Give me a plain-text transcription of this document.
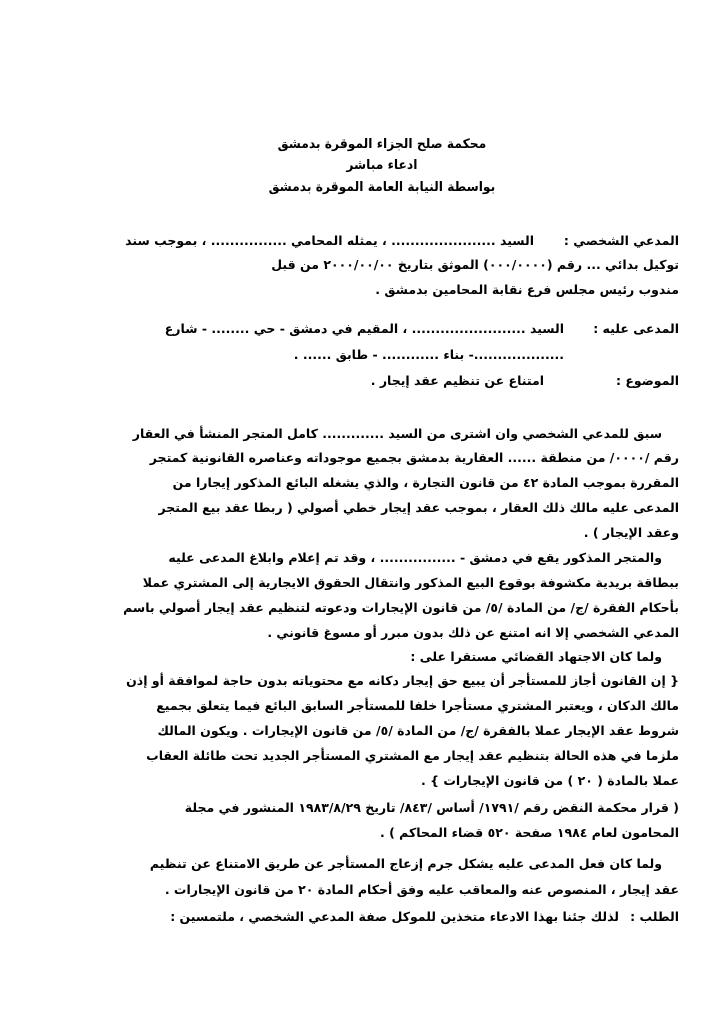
محكمة صلح الجزاء الموقرة بدمشق
ادعاء مباشر
بواسطة النيابة العامة الموقرة بدمشق
المدعي الشخصي :
السيد ...................... ، يمثله المحامي ................ ، بموجب سند
توكيل بدائي ... رقم (٠٠٠/٠٠٠٠) الموثق بتاريخ ٢٠٠٠/٠٠/٠٠ من قبل
مندوب رئيس مجلس فرع نقابة المحامين بدمشق .
المدعى عليه :
السيد ........................ ، المقيم في دمشق - حي ........ - شارع
...................- بناء ............ - طابق ...... .
الموضوع :
امتناع عن تنظيم عقد إيجار .
سبق للمدعي الشخصي وان اشترى من السيد ............. كامل المتجر المنشأ في العقار
رقم /٠٠٠٠/ من منطقة ...... العقارية بدمشق بجميع موجوداته وعناصره القانونية كمتجر
المقررة بموجب المادة ٤٢ من قانون التجارة ، والذي يشغله البائع المذكور إيجارا من
المدعى عليه مالك ذلك العقار ، بموجب عقد إيجار خطي أصولي ( ربطا عقد بيع المتجر
وعقد الإيجار ) .
والمتجر المذكور يقع في دمشق - ................ ، وقد تم إعلام وابلاغ المدعى عليه
ببطاقة بريدية مكشوفة بوقوع البيع المذكور وانتقال الحقوق الايجارية إلى المشتري عملا
بأحكام الفقرة /ج/ من المادة /٥/ من قانون الإيجارات ودعوته لتنظيم عقد إيجار أصولي باسم
المدعي الشخصي إلا انه امتنع عن ذلك بدون مبرر أو مسوغ قانوني .
ولما كان الاجتهاد القضائي مستقرا على :
{ إن القانون أجاز للمستأجر أن يبيع حق إيجار دكانه مع محتوياته بدون حاجة لموافقة أو إذن
مالك الدكان ، ويعتبر المشتري مستأجرا خلفا للمستأجر السابق البائع فيما يتعلق بجميع
شروط عقد الإيجار عملا بالفقرة /ج/ من المادة /٥/ من قانون الإيجارات . ويكون المالك
ملزما في هذه الحالة بتنظيم عقد إيجار مع المشتري المستأجر الجديد تحت طائلة العقاب
عملا بالمادة ( ٢٠ ) من قانون الإيجارات } .
( قرار محكمة النقض رقم /١٧٩١/ أساس /٨٤٣/ تاريخ ١٩٨٣/٨/٢٩ المنشور في مجلة
المحامون لعام ١٩٨٤ صفحة ٥٢٠ قضاء المحاكم ) .
ولما كان فعل المدعى عليه يشكل جرم إزعاج المستأجر عن طريق الامتناع عن تنظيم
عقد إيجار ، المنصوص عنه والمعاقب عليه وفق أحكام المادة ٢٠ من قانون الإيجارات .
الطلب :
لذلك جئنا بهذا الادعاء متخذين للموكل صفة المدعي الشخصي ، ملتمسين :
